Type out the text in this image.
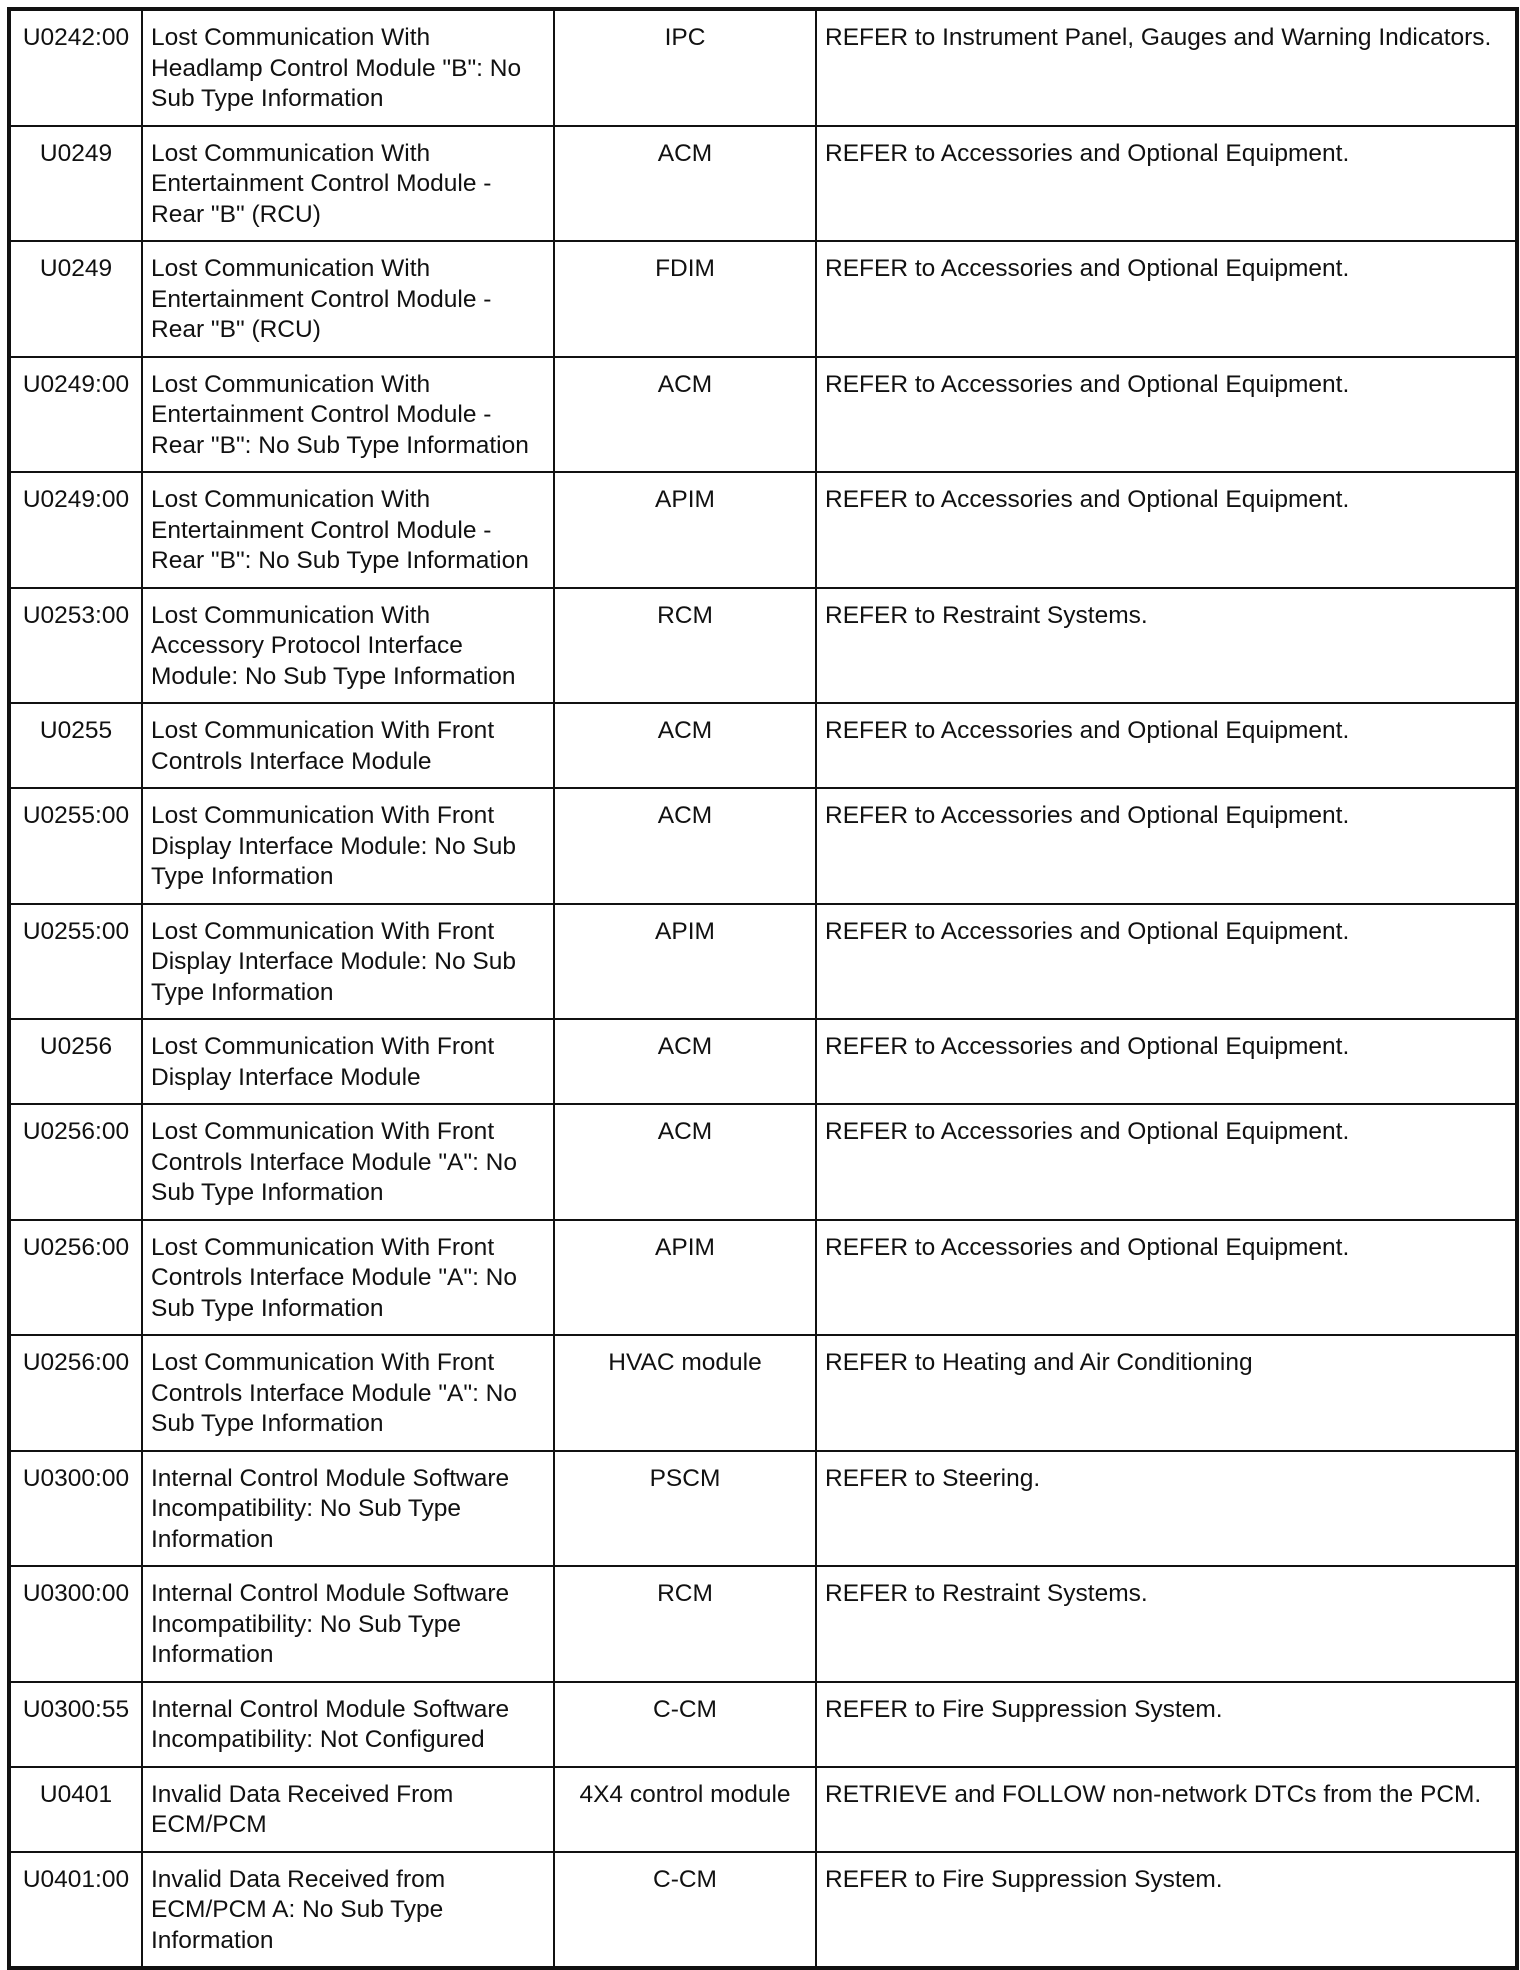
U0242:00	Lost Communication With Headlamp Control Module "B": No Sub Type Information	IPC	REFER to Instrument Panel, Gauges and Warning Indicators.
U0249	Lost Communication With Entertainment Control Module - Rear "B" (RCU)	ACM	REFER to Accessories and Optional Equipment.
U0249	Lost Communication With Entertainment Control Module - Rear "B" (RCU)	FDIM	REFER to Accessories and Optional Equipment.
U0249:00	Lost Communication With Entertainment Control Module - Rear "B": No Sub Type Information	ACM	REFER to Accessories and Optional Equipment.
U0249:00	Lost Communication With Entertainment Control Module - Rear "B": No Sub Type Information	APIM	REFER to Accessories and Optional Equipment.
U0253:00	Lost Communication With Accessory Protocol Interface Module: No Sub Type Information	RCM	REFER to Restraint Systems.
U0255	Lost Communication With Front Controls Interface Module	ACM	REFER to Accessories and Optional Equipment.
U0255:00	Lost Communication With Front Display Interface Module: No Sub Type Information	ACM	REFER to Accessories and Optional Equipment.
U0255:00	Lost Communication With Front Display Interface Module: No Sub Type Information	APIM	REFER to Accessories and Optional Equipment.
U0256	Lost Communication With Front Display Interface Module	ACM	REFER to Accessories and Optional Equipment.
U0256:00	Lost Communication With Front Controls Interface Module "A": No Sub Type Information	ACM	REFER to Accessories and Optional Equipment.
U0256:00	Lost Communication With Front Controls Interface Module "A": No Sub Type Information	APIM	REFER to Accessories and Optional Equipment.
U0256:00	Lost Communication With Front Controls Interface Module "A": No Sub Type Information	HVAC module	REFER to Heating and Air Conditioning
U0300:00	Internal Control Module Software Incompatibility: No Sub Type Information	PSCM	REFER to Steering.
U0300:00	Internal Control Module Software Incompatibility: No Sub Type Information	RCM	REFER to Restraint Systems.
U0300:55	Internal Control Module Software Incompatibility: Not Configured	C-CM	REFER to Fire Suppression System.
U0401	Invalid Data Received From ECM/PCM	4X4 control module	RETRIEVE and FOLLOW non-network DTCs from the PCM.
U0401:00	Invalid Data Received from ECM/PCM A: No Sub Type Information	C-CM	REFER to Fire Suppression System.
